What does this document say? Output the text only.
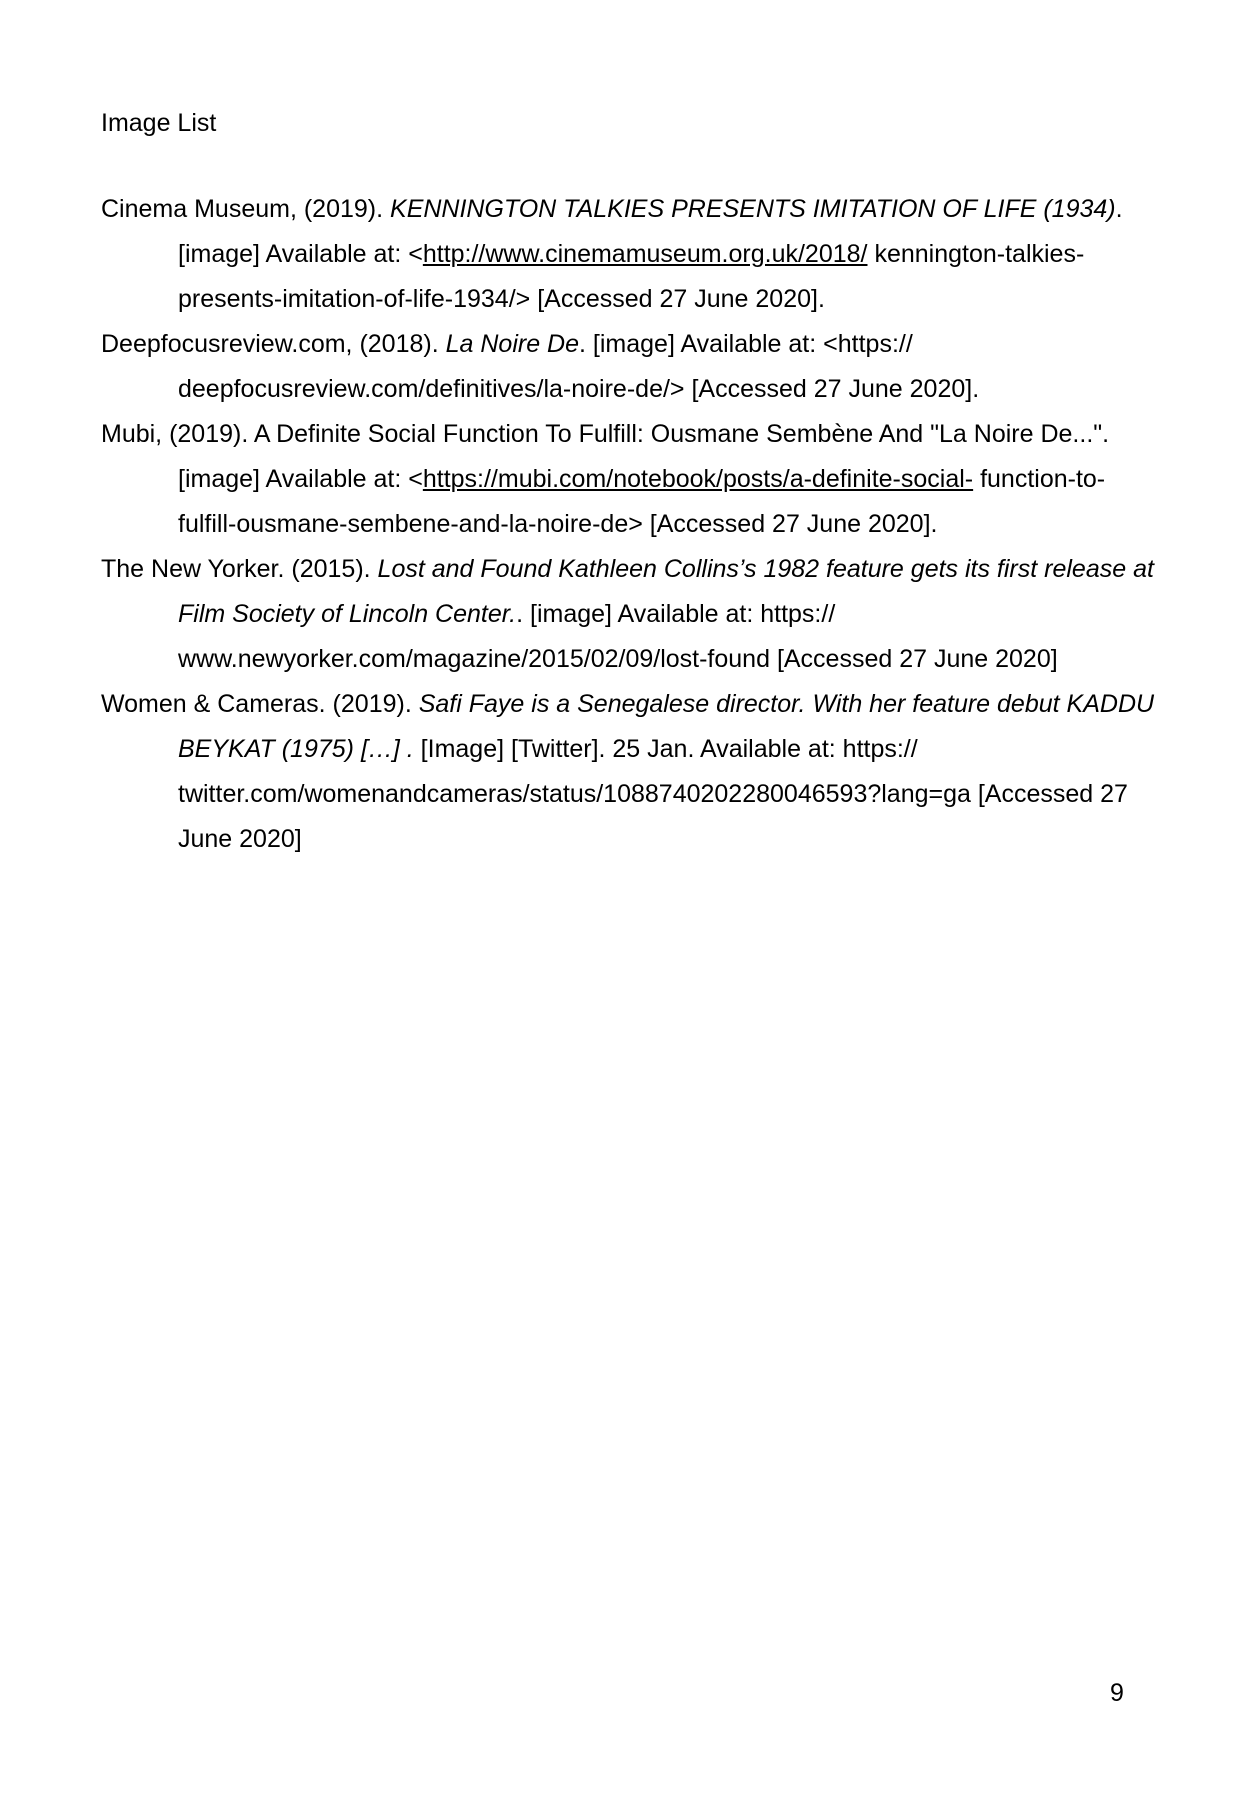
Image List

Cinema Museum, (2019). KENNINGTON TALKIES PRESENTS IMITATION OF LIFE (1934). [image] Available at: <http://www.cinemamuseum.org.uk/2018/ kennington-talkies-presents-imitation-of-life-1934/> [Accessed 27 June 2020].

Deepfocusreview.com, (2018). La Noire De. [image] Available at: <https:// deepfocusreview.com/definitives/la-noire-de/> [Accessed 27 June 2020].

Mubi, (2019). A Definite Social Function To Fulfill: Ousmane Sembène And "La Noire De...". [image] Available at: <https://mubi.com/notebook/posts/a-definite-social- function-to-fulfill-ousmane-sembene-and-la-noire-de> [Accessed 27 June 2020].

The New Yorker. (2015). Lost and Found Kathleen Collins’s 1982 feature gets its first release at Film Society of Lincoln Center.. [image] Available at: https:// www.newyorker.com/magazine/2015/02/09/lost-found [Accessed 27 June 2020]

Women & Cameras. (2019). Safi Faye is a Senegalese director. With her feature debut KADDU BEYKAT (1975) […] . [Image] [Twitter]. 25 Jan. Available at: https:// twitter.com/womenandcameras/status/1088740202280046593?lang=ga [Accessed 27 June 2020]

9
